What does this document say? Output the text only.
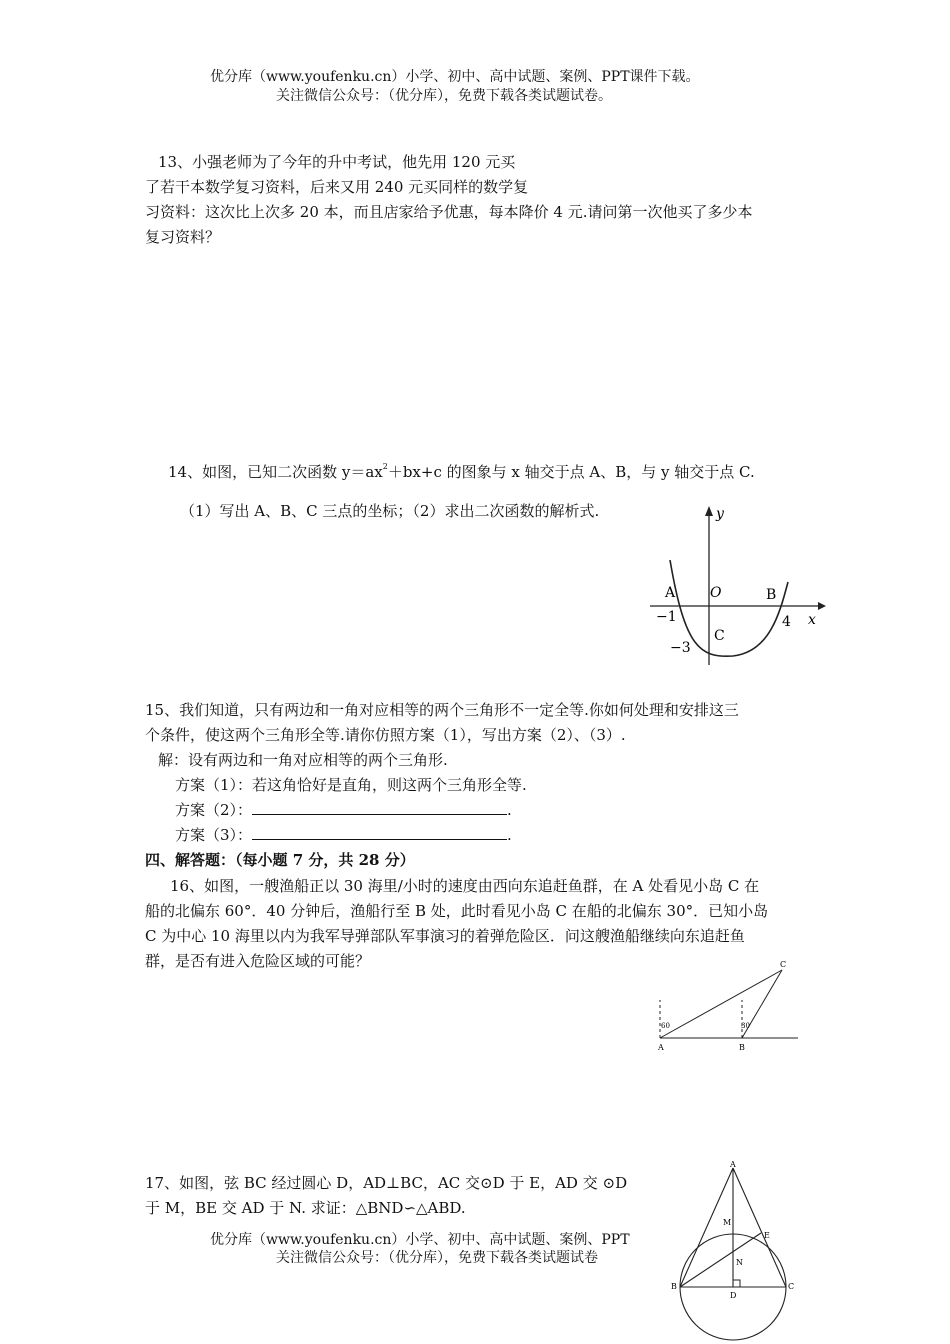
优分库（www.youfenku.cn）小学、初中、高中试题、案例、PPT课件下载。
关注微信公众号：（优分库），免费下载各类试题试卷。
13、小强老师为了今年的升中考试，他先用 120 元买
了若干本数学复习资料，后来又用 240 元买同样的数学复
习资料：这次比上次多 20 本，而且店家给予优惠，每本降价 4 元.请问第一次他买了多少本
复习资料？
14、如图，已知二次函数 $y=ax^2+bx+c$ 的图象与 x 轴交于点 A、B，与 y 轴交于点 C.
（1）写出 A、B、C 三点的坐标；（2）求出二次函数的解析式.	y
x
O
A	B
C
−1	4
−3
15、我们知道，只有两边和一角对应相等的两个三角形不一定全等.你如何处理和安排这三
个条件，使这两个三角形全等.请你仿照方案（1），写出方案（2）、（3）.
解：设有两边和一角对应相等的两个三角形.
方案（1）：若这角恰好是直角，则这两个三角形全等.
方案（2）：	.
方案（3）：	.
四、解答题：（每小题 7 分，共 28 分）
16、如图，一艘渔船正以 30 海里/小时的速度由西向东追赶鱼群，在 A 处看见小岛 C 在
船的北偏东 60°．40 分钟后，渔船行至 B 处，此时看见小岛 C 在船的北偏东 30°．已知小岛
C 为中心 10 海里以内为我军导弹部队军事演习的着弹危险区．问这艘渔船继续向东追赶鱼
群，是否有进入危险区域的可能？	C
A	B
60	30
17、如图，弦 BC 经过圆心 D，AD⊥BC，AC 交⊙D 于 E，AD 交 ⊙D
于 M，BE 交 AD 于 N. 求证：△BND∽△ABD.
A
M
E
N
B
D
C
优分库（www.youfenku.cn）小学、初中、高中试题、案例、PPT
关注微信公众号：（优分库），免费下载各类试题试卷
